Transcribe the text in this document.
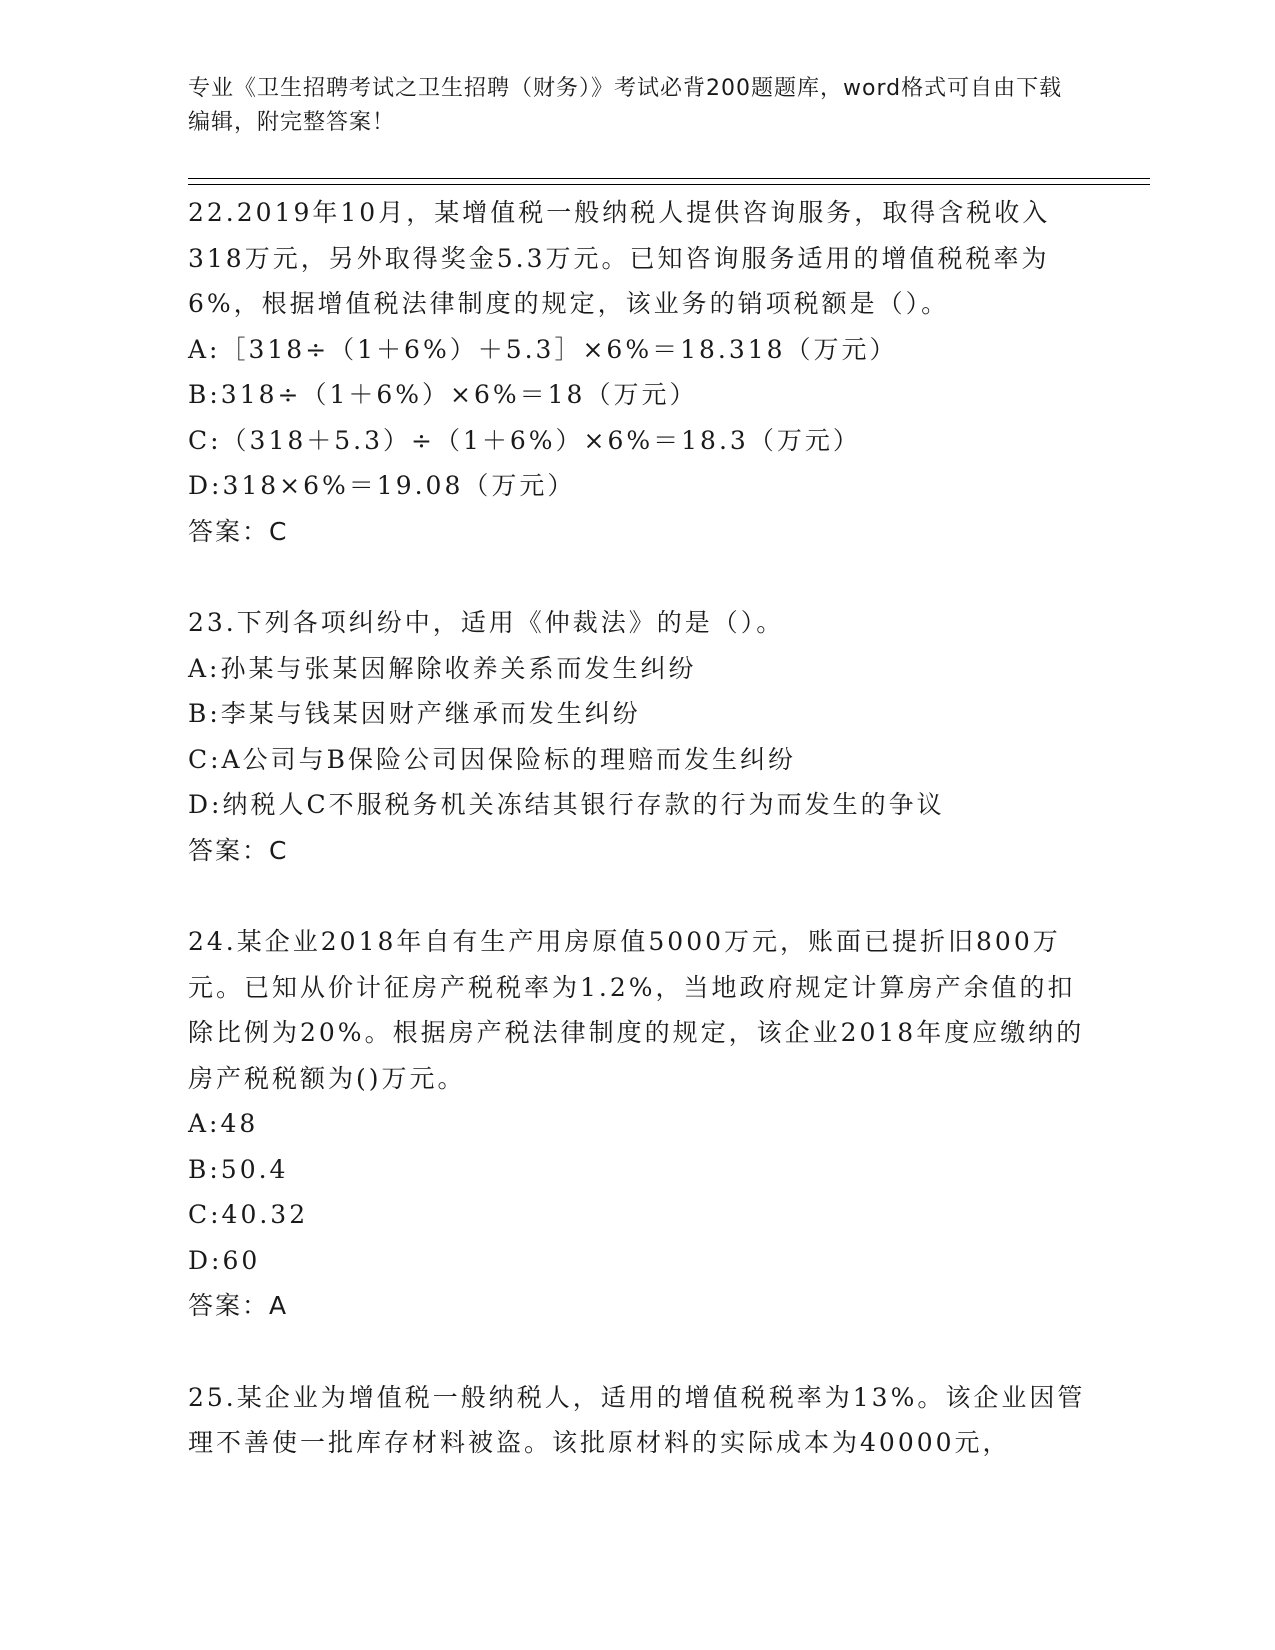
专业《卫生招聘考试之卫生招聘（财务）》考试必背200题题库，word格式可自由下载编辑，附完整答案！

22.2019年10月，某增值税一般纳税人提供咨询服务，取得含税收入318万元，另外取得奖金5.3万元。已知咨询服务适用的增值税税率为6%，根据增值税法律制度的规定，该业务的销项税额是（）。

A:［318÷（1＋6%）＋5.3］×6%＝18.318（万元）

B:318÷（1＋6%）×6%＝18（万元）

C:（318＋5.3）÷（1＋6%）×6%＝18.3（万元）

D:318×6%＝19.08（万元）

答案：C

23.下列各项纠纷中，适用《仲裁法》的是（）。

A:孙某与张某因解除收养关系而发生纠纷

B:李某与钱某因财产继承而发生纠纷

C:A公司与B保险公司因保险标的理赔而发生纠纷

D:纳税人C不服税务机关冻结其银行存款的行为而发生的争议

答案：C

24.某企业2018年自有生产用房原值5000万元，账面已提折旧800万元。已知从价计征房产税税率为1.2%，当地政府规定计算房产余值的扣除比例为20%。根据房产税法律制度的规定，该企业2018年度应缴纳的房产税税额为()万元。

A:48

B:50.4

C:40.32

D:60

答案：A

25.某企业为增值税一般纳税人，适用的增值税税率为13%。该企业因管理不善使一批库存材料被盗。该批原材料的实际成本为40000元，
